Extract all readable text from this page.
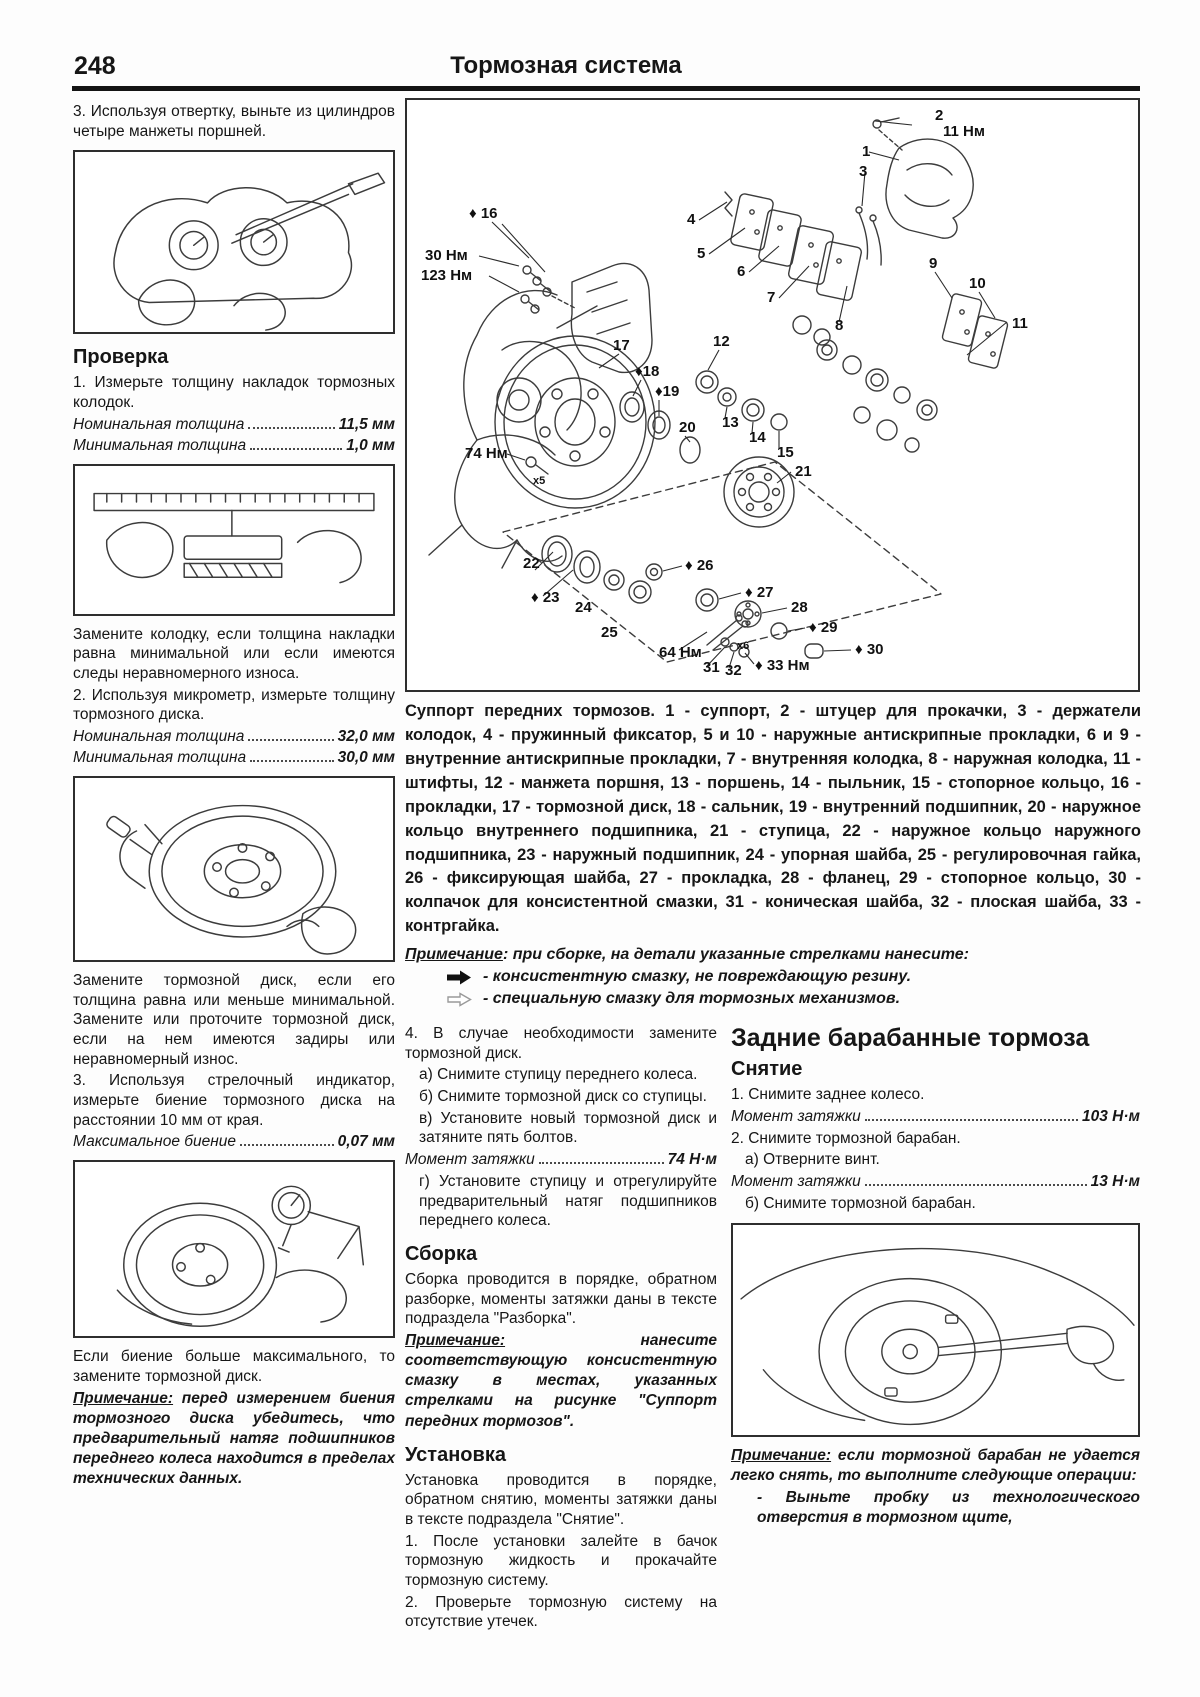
248	Тормозная система

3. Используя отвертку, выньте из цилиндров четыре манжеты поршней.

Проверка

1. Измерьте толщину накладок тормозных колодок.

Номинальная толщина	11,5 мм
Минимальная толщина	1,0 мм

Замените колодку, если толщина накладки равна минимальной или если имеются следы неравномерного износа.

2. Используя микрометр, измерьте толщину тормозного диска.

Номинальная толщина	32,0 мм
Минимальная толщина	30,0 мм

Замените тормозной диск, если его толщина равна или меньше минимальной. Замените или проточите тормозной диск, если на нем имеются задиры или неравномерный износ.

3. Используя стрелочный индикатор, измерьте биение тормозного диска на расстоянии 10 мм от края.

Максимальное биение	0,07 мм

Если биение больше максимального, то замените тормозной диск.

Примечание: перед измерением биения тормозного диска убедитесь, что предварительный натяг подшипников переднего колеса находится в пределах технических данных.

2
11 Нм
1
3
4
5
6
7
8
9
10
11
♦ 16
30 Нм
123 Нм
17
♦18
♦19
20
12
13
14
15
21
74 Нм
x5
22
♦ 23
24
25
♦ 26
♦ 27
28
♦ 29
♦ 30
64 Нм	x6
31 32 ♦ 33 Нм

Суппорт передних тормозов. 1 - суппорт, 2 - штуцер для прокачки, 3 - держатели колодок, 4 - пружинный фиксатор, 5 и 10 - наружные антискрипные прокладки, 6 и 9 - внутренние антискрипные прокладки, 7 - внутренняя колодка, 8 - наружная колодка, 11 - штифты, 12 - манжета поршня, 13 - поршень, 14 - пыльник, 15 - стопорное кольцо, 16 - прокладки, 17 - тормозной диск, 18 - сальник, 19 - внутренний подшипник, 20 - наружное кольцо внутреннего подшипника, 21 - ступица, 22 - наружное кольцо наружного подшипника, 23 - наружный подшипник, 24 - упорная шайба, 25 - регулировочная гайка, 26 - фиксирующая шайба, 27 - прокладка, 28 - фланец, 29 - стопорное кольцо, 30 - колпачок для консистентной смазки, 31 - коническая шайба, 32 - плоская шайба, 33 - контргайка.

Примечание: при сборке, на детали указанные стрелками нанесите:

- консистентную смазку, не повреждающую резину.
- специальную смазку для тормозных механизмов.

4. В случае необходимости замените тормозной диск.

а) Снимите ступицу переднего колеса.

б) Снимите тормозной диск со ступицы.

в) Установите новый тормозной диск и затяните пять болтов.

Момент затяжки	74 Н·м

г) Установите ступицу и отрегулируйте предварительный натяг подшипников переднего колеса.

Сборка

Сборка проводится в порядке, обратном разборке, моменты затяжки даны в тексте подраздела "Разборка".

Примечание: нанесите соответствующую консистентную смазку в местах, указанных стрелками на рисунке "Суппорт передних тормозов".

Установка

Установка проводится в порядке, обратном снятию, моменты затяжки даны в тексте подраздела "Снятие".

1. После установки залейте в бачок тормозную жидкость и прокачайте тормозную систему.

2. Проверьте тормозную систему на отсутствие утечек.

Задние барабанные тормоза
Снятие

1. Снимите заднее колесо.

Момент затяжки	103 Н·м

2. Снимите тормозной барабан.

а) Отверните винт.

Момент затяжки	13 Н·м

б) Снимите тормозной барабан.

Примечание: если тормозной барабан не удается легко снять, то выполните следующие операции:

- Выньте пробку из технологического отверстия в тормозном щите,
